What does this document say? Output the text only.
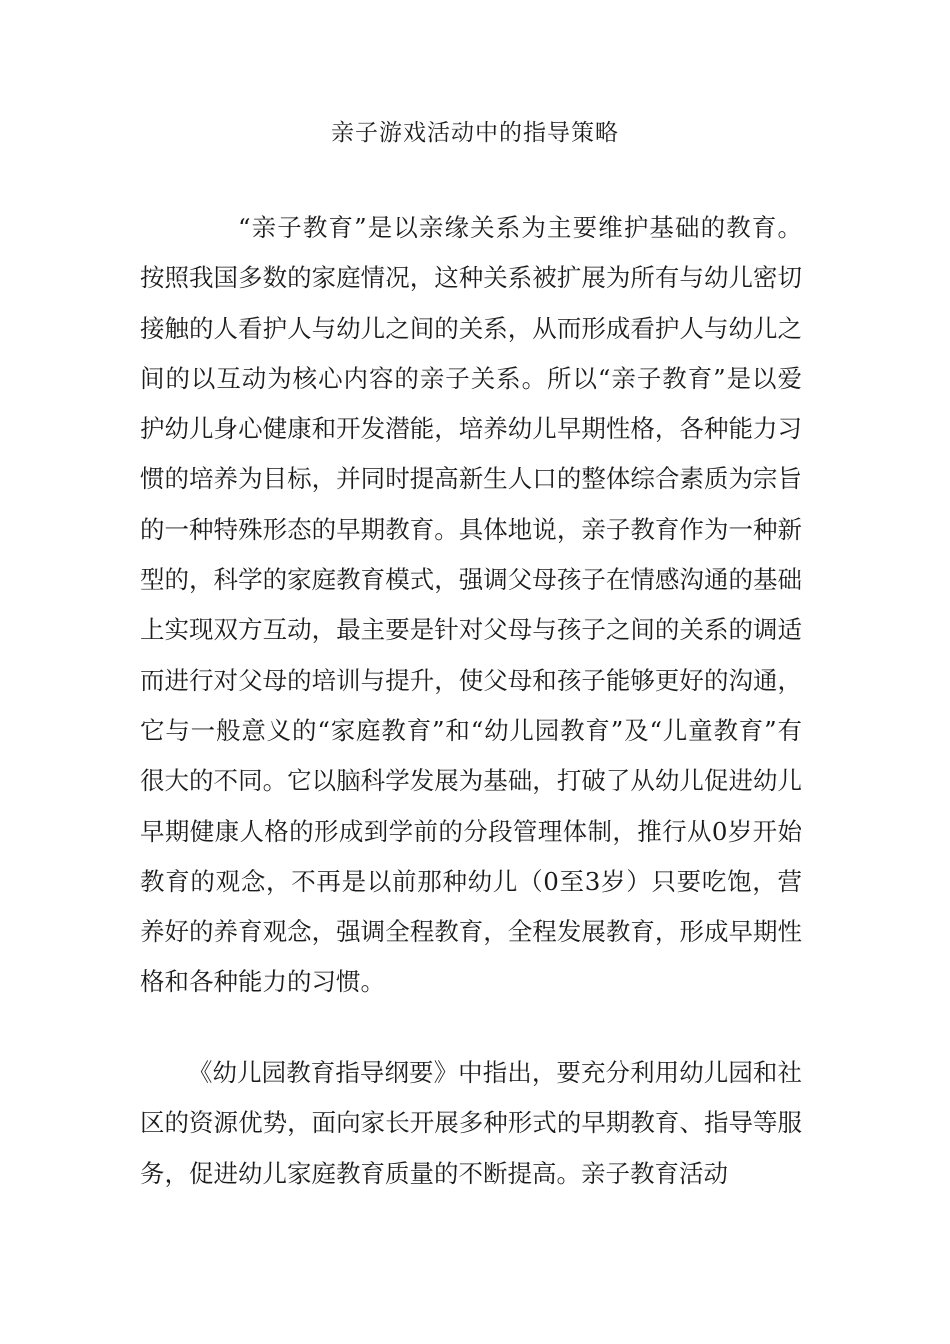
亲子游戏活动中的指导策略

“亲子教育”是以亲缘关系为主要维护基础的教育。按照我国多数的家庭情况，这种关系被扩展为所有与幼儿密切接触的人看护人与幼儿之间的关系，从而形成看护人与幼儿之间的以互动为核心内容的亲子关系。所以“亲子教育”是以爱护幼儿身心健康和开发潜能，培养幼儿早期性格，各种能力习惯的培养为目标，并同时提高新生人口的整体综合素质为宗旨的一种特殊形态的早期教育。具体地说，亲子教育作为一种新型的，科学的家庭教育模式，强调父母孩子在情感沟通的基础上实现双方互动，最主要是针对父母与孩子之间的关系的调适而进行对父母的培训与提升，使父母和孩子能够更好的沟通，它与一般意义的“家庭教育”和“幼儿园教育”及“儿童教育”有很大的不同。它以脑科学发展为基础，打破了从幼儿促进幼儿早期健康人格的形成到学前的分段管理体制，推行从0岁开始教育的观念，不再是以前那种幼儿（0至3岁）只要吃饱，营养好的养育观念，强调全程教育，全程发展教育，形成早期性格和各种能力的习惯。

《幼儿园教育指导纲要》中指出，要充分利用幼儿园和社区的资源优势，面向家长开展多种形式的早期教育、指导等服务，促进幼儿家庭教育质量的不断提高。亲子教育活动
